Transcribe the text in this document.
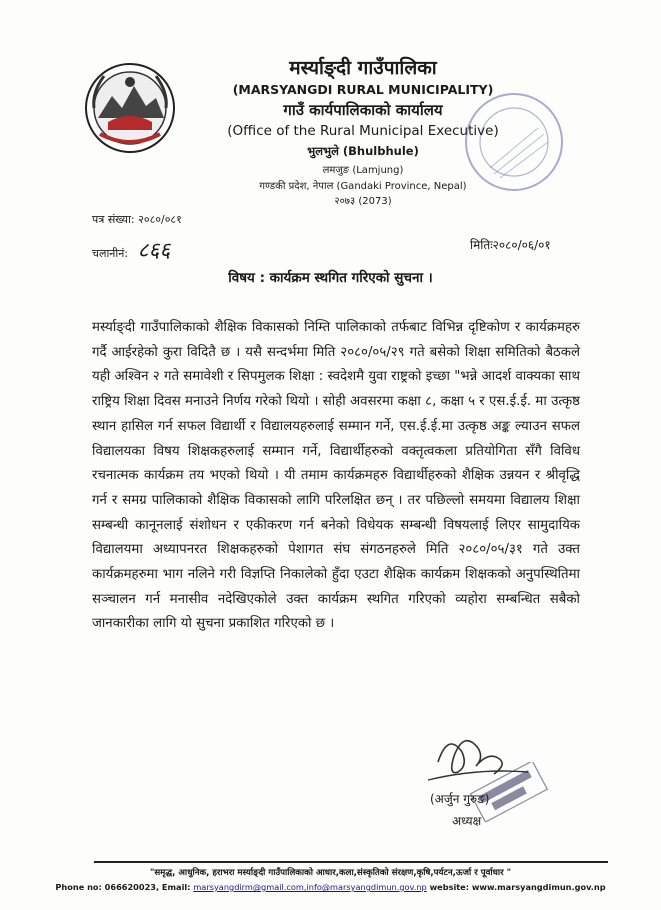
मर्स्याङ्दी गाउँपालिका
(MARSYANGDI RURAL MUNICIPALITY)
गाउँ कार्यपालिकाको कार्यालय
(Office of the Rural Municipal Executive)
भुलभुले (Bhulbhule)
लमजुङ (Lamjung)
गण्डकी प्रदेश, नेपाल (Gandaki Province, Nepal)
२०७३ (2073)
पत्र संख्या: २०८०/०८१
चलानीनं: ८६६	मितिः२०८०/०६/०१
विषय : कार्यक्रम स्थगित गरिएको सुचना ।
मर्स्याङ्दी गाउँपालिकाको शैक्षिक विकासको निम्ति पालिकाको तर्फबाट विभिन्न दृष्टिकोण र कार्यक्रमहरु गर्दै आईरहेको कुरा विदितै छ । यसै सन्दर्भमा मिति २०८०/०५/२९ गते बसेको शिक्षा समितिको बैठकले यही अश्विन २ गते समावेशी र सिपमुलक शिक्षा : स्वदेशमै युवा राष्ट्रको इच्छा "भन्ने आदर्श वाक्यका साथ राष्ट्रिय शिक्षा दिवस मनाउने निर्णय गरेको थियो । सोही अवसरमा कक्षा ८, कक्षा ५ र एस.ई.ई. मा उत्कृष्ठ स्थान हासिल गर्न सफल विद्यार्थी र विद्यालयहरुलाई सम्मान गर्ने, एस.ई.ई.मा उत्कृष्ठ अङ्क ल्याउन सफल विद्यालयका विषय शिक्षकहरुलाई सम्मान गर्ने, विद्यार्थीहरुको वक्तृत्वकला प्रतियोगिता सँगै विविध रचनात्मक कार्यक्रम तय भएको थियो । यी तमाम कार्यक्रमहरु विद्यार्थीहरुको शैक्षिक उन्नयन र श्रीवृद्धि गर्न र समग्र पालिकाको शैक्षिक विकासको लागि परिलक्षित छन् । तर पछिल्लो समयमा विद्यालय शिक्षा सम्बन्धी कानूनलाई संशोधन र एकीकरण गर्न बनेको विधेयक सम्बन्धी विषयलाई लिएर सामुदायिक विद्यालयमा अध्यापनरत शिक्षकहरुको पेशागत संघ संगठनहरुले मिति २०८०/०५/३१ गते उक्त कार्यक्रमहरुमा भाग नलिने गरी विज्ञप्ति निकालेको हुँदा एउटा शैक्षिक कार्यक्रम शिक्षकको अनुपस्थितिमा सञ्चालन गर्न मनासीव नदेखिएकोले उक्त कार्यक्रम स्थगित गरिएको व्यहोरा सम्बन्धित सबैको जानकारीका लागि यो सुचना प्रकाशित गरिएको छ ।
(अर्जुन गुरुङ)
अध्यक्ष
"समृद्ध, आधुनिक, हराभरा मर्स्याङ्दी गाउँपालिकाको आधार,कला,संस्कृतिको संरक्षण,कृषि,पर्यटन,ऊर्जा र पूर्वाधार "
Phone no: 066620023, Email: marsyangdirm@gmail.com,info@marsyangdimun.gov.np website: www.marsyangdimun.gov.np
